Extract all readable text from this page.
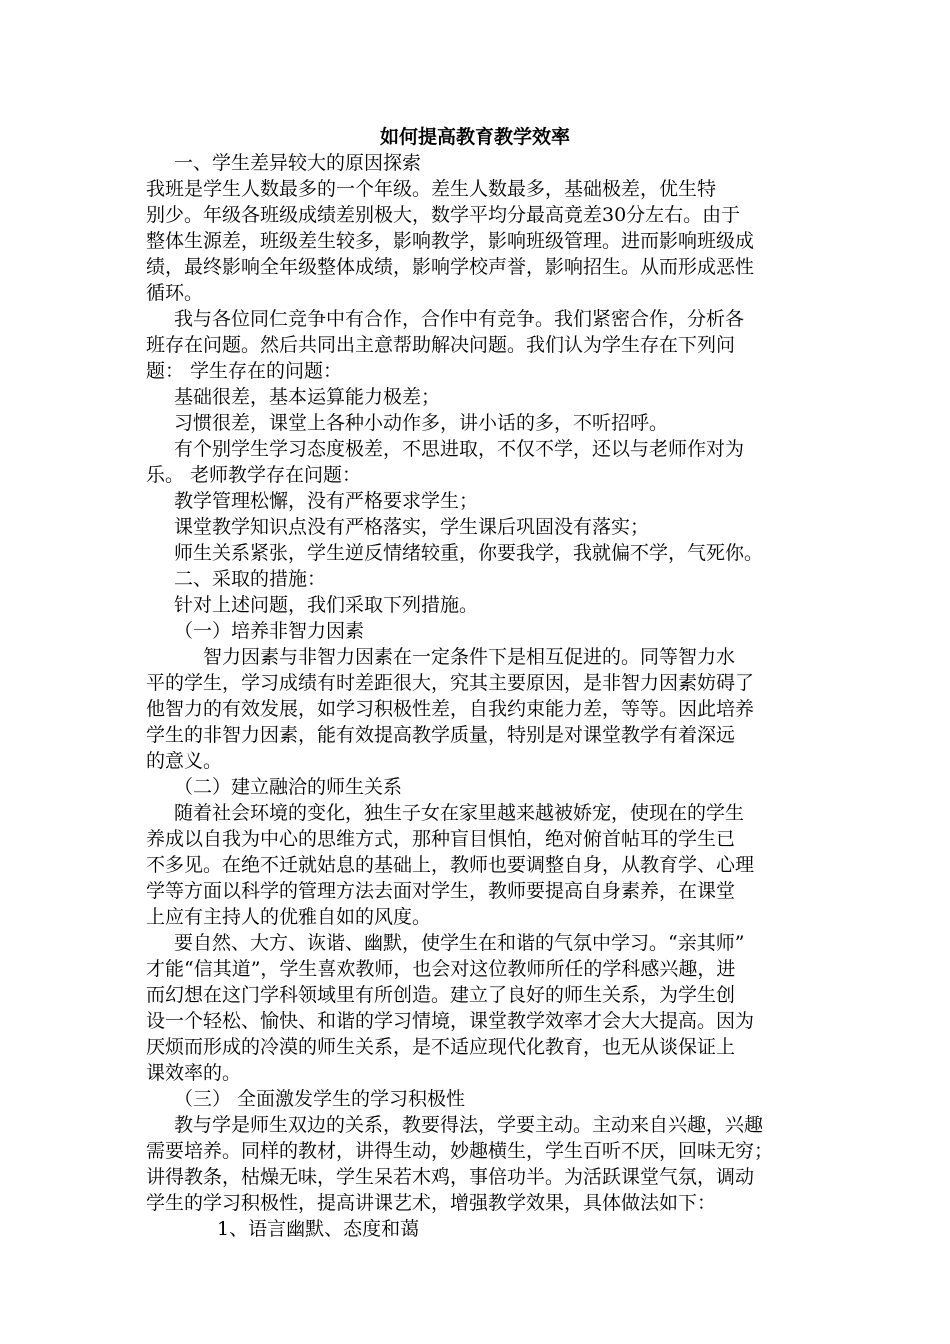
如何提高教育教学效率
一、学生差异较大的原因探索
我班是学生人数最多的一个年级。差生人数最多，基础极差，优生特
别少。年级各班级成绩差别极大，数学平均分最高竟差30分左右。由于
整体生源差，班级差生较多，影响教学，影响班级管理。进而影响班级成
绩，最终影响全年级整体成绩，影响学校声誉，影响招生。从而形成恶性
循环。
我与各位同仁竞争中有合作，合作中有竞争。我们紧密合作，分析各
班存在问题。然后共同出主意帮助解决问题。我们认为学生存在下列问
题： 学生存在的问题：
基础很差，基本运算能力极差；
习惯很差，课堂上各种小动作多，讲小话的多，不听招呼。
有个别学生学习态度极差，不思进取，不仅不学，还以与老师作对为
乐。 老师教学存在问题：
教学管理松懈，没有严格要求学生；
课堂教学知识点没有严格落实，学生课后巩固没有落实；
师生关系紧张，学生逆反情绪较重，你要我学，我就偏不学，气死你。
二、采取的措施：
针对上述问题，我们采取下列措施。
（一）培养非智力因素
智力因素与非智力因素在一定条件下是相互促进的。同等智力水
平的学生，学习成绩有时差距很大，究其主要原因，是非智力因素妨碍了
他智力的有效发展，如学习积极性差，自我约束能力差，等等。因此培养
学生的非智力因素，能有效提高教学质量，特别是对课堂教学有着深远
的意义。
（二）建立融洽的师生关系
随着社会环境的变化，独生子女在家里越来越被娇宠，使现在的学生
养成以自我为中心的思维方式，那种盲目惧怕，绝对俯首帖耳的学生已
不多见。在绝不迁就姑息的基础上，教师也要调整自身，从教育学、心理
学等方面以科学的管理方法去面对学生，教师要提高自身素养，在课堂
上应有主持人的优雅自如的风度。
要自然、大方、诙谐、幽默，使学生在和谐的气氛中学习。“亲其师”
才能“信其道”，学生喜欢教师，也会对这位教师所任的学科感兴趣，进
而幻想在这门学科领域里有所创造。建立了良好的师生关系，为学生创
设一个轻松、愉快、和谐的学习情境，课堂教学效率才会大大提高。因为
厌烦而形成的冷漠的师生关系，是不适应现代化教育，也无从谈保证上
课效率的。
（三） 全面激发学生的学习积极性
教与学是师生双边的关系，教要得法，学要主动。主动来自兴趣，兴趣
需要培养。同样的教材，讲得生动，妙趣横生，学生百听不厌，回味无穷；
讲得教条，枯燥无味，学生呆若木鸡，事倍功半。为活跃课堂气氛，调动
学生的学习积极性，提高讲课艺术，增强教学效果，具体做法如下：
1、语言幽默、态度和蔼
